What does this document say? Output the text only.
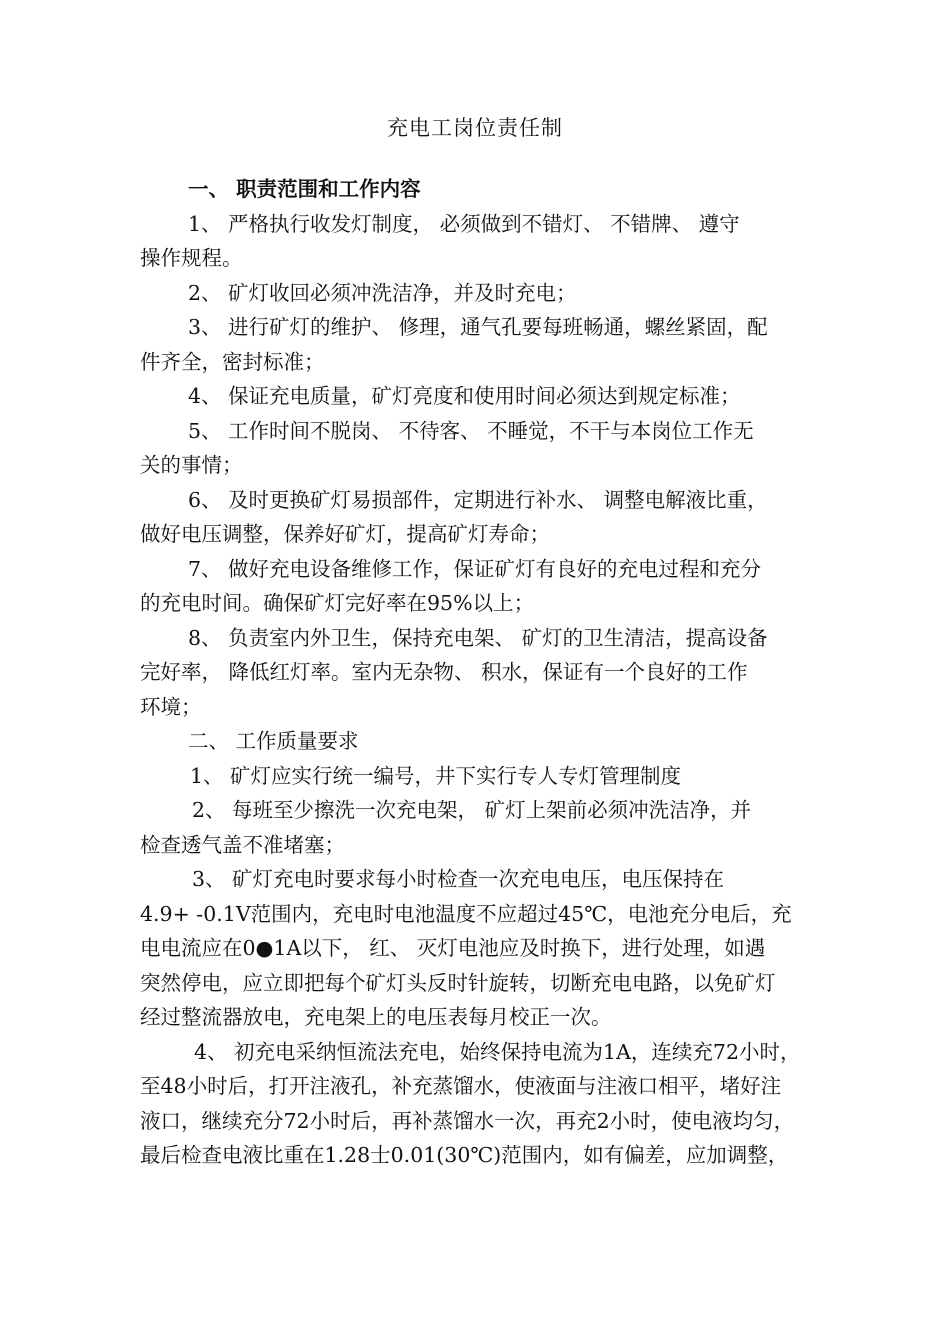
充电工岗位责任制
一、 职责范围和工作内容
1、 严格执行收发灯制度， 必须做到不错灯、 不错牌、 遵守
操作规程。
2、 矿灯收回必须冲洗洁净，并及时充电；
3、 进行矿灯的维护、 修理，通气孔要每班畅通，螺丝紧固，配
件齐全，密封标准；
4、 保证充电质量，矿灯亮度和使用时间必须达到规定标准；
5、 工作时间不脱岗、 不待客、 不睡觉，不干与本岗位工作无
关的事情；
6、 及时更换矿灯易损部件，定期进行补水、 调整电解液比重，
做好电压调整，保养好矿灯，提高矿灯寿命；
7、 做好充电设备维修工作，保证矿灯有良好的充电过程和充分
的充电时间。确保矿灯完好率在95%以上；
8、 负责室内外卫生，保持充电架、 矿灯的卫生清洁，提高设备
完好率， 降低红灯率。室内无杂物、 积水，保证有一个良好的工作
环境；
二、 工作质量要求
1、 矿灯应实行统一编号，井下实行专人专灯管理制度
2、 每班至少擦洗一次充电架， 矿灯上架前必须冲洗洁净，并
检查透气盖不准堵塞；
3、 矿灯充电时要求每小时检查一次充电电压，电压保持在
4.9+ -0.1V范围内，充电时电池温度不应超过45℃，电池充分电后，充
电电流应在0●1A以下， 红、 灭灯电池应及时换下，进行处理，如遇
突然停电，应立即把每个矿灯头反时针旋转，切断充电电路，以免矿灯
经过整流器放电，充电架上的电压表每月校正一次。
4、 初充电采纳恒流法充电，始终保持电流为1A，连续充72小时，
至48小时后，打开注液孔，补充蒸馏水，使液面与注液口相平，堵好注
液口，继续充分72小时后，再补蒸馏水一次，再充2小时，使电液均匀，
最后检查电液比重在1.28士0.01(30℃)范围内，如有偏差，应加调整，
